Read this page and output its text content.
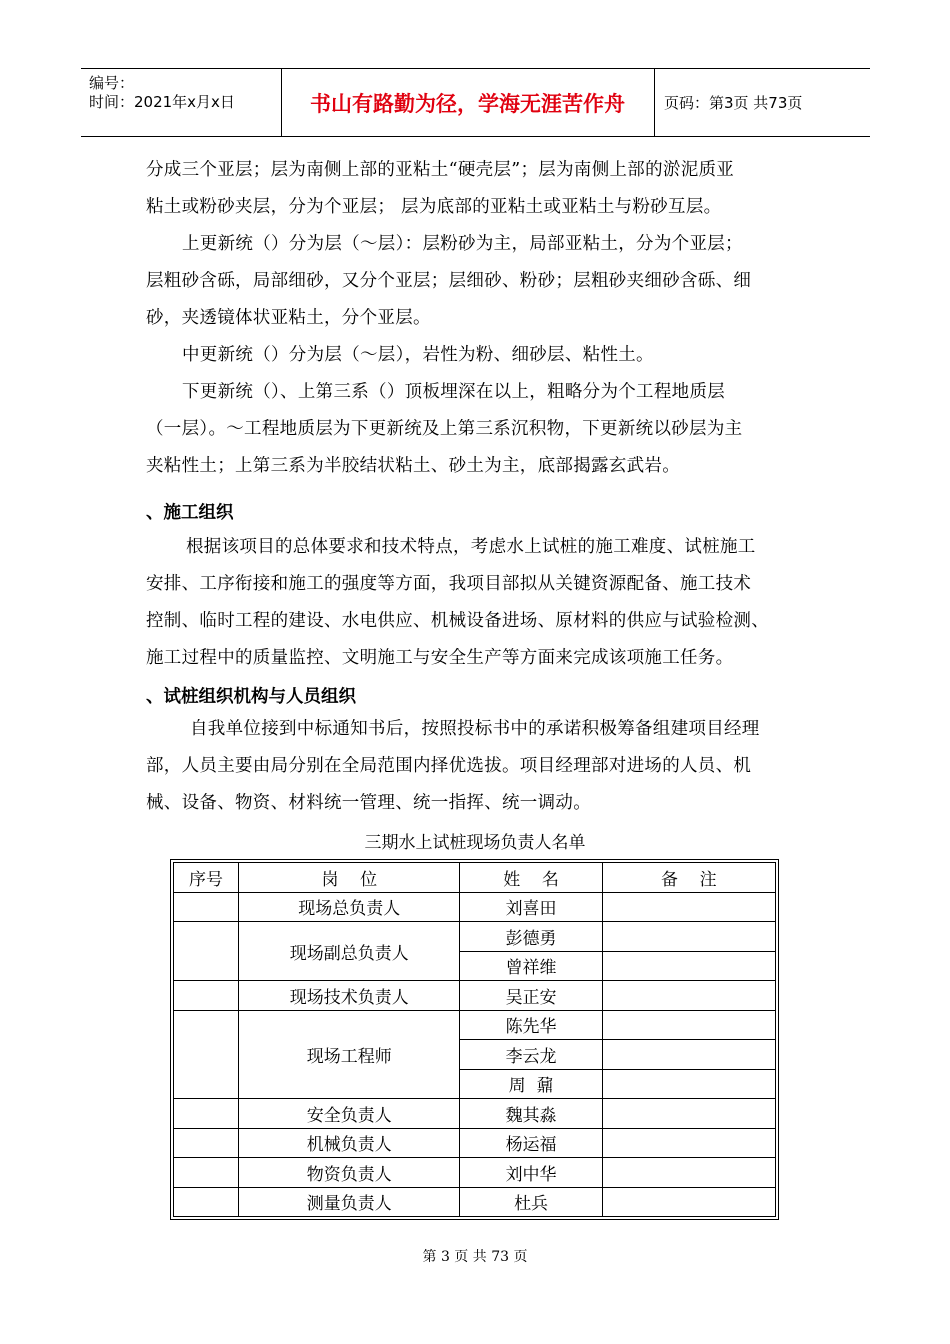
编号：
时间：2021年x月x日	书山有路勤为径，学海无涯苦作舟	页码：第3页 共73页
分成三个亚层；层为南侧上部的亚粘土“硬壳层”；层为南侧上部的淤泥质亚
粘土或粉砂夹层，分为个亚层； 层为底部的亚粘土或亚粘土与粉砂互层。
上更新统（）分为层（～层）：层粉砂为主，局部亚粘土，分为个亚层；
层粗砂含砾，局部细砂，又分个亚层；层细砂、粉砂；层粗砂夹细砂含砾、细
砂，夹透镜体状亚粘土，分个亚层。
中更新统（）分为层（～层），岩性为粉、细砂层、粘性土。
下更新统（）、上第三系（）顶板埋深在以上，粗略分为个工程地质层
（一层）。～工程地质层为下更新统及上第三系沉积物，下更新统以砂层为主
夹粘性土；上第三系为半胶结状粘土、砂土为主，底部揭露玄武岩。
、施工组织
根据该项目的总体要求和技术特点，考虑水上试桩的施工难度、试桩施工
安排、工序衔接和施工的强度等方面，我项目部拟从关键资源配备、施工技术
控制、临时工程的建设、水电供应、机械设备进场、原材料的供应与试验检测、
施工过程中的质量监控、文明施工与安全生产等方面来完成该项施工任务。
、试桩组织机构与人员组织
自我单位接到中标通知书后，按照投标书中的承诺积极筹备组建项目经理
部，人员主要由局分别在全局范围内择优选拔。项目经理部对进场的人员、机
械、设备、物资、材料统一管理、统一指挥、统一调动。
三期水上试桩现场负责人名单
序号	岗    位	姓    名	备    注
	现场总负责人	刘喜田	
	现场副总负责人	彭德勇	
		曾祥维	
	现场技术负责人	吴正安	
	现场工程师	陈先华	
		李云龙	
		周  鼐	
	安全负责人	魏其淼	
	机械负责人	杨运福	
	物资负责人	刘中华	
	测量负责人	杜兵	
第 3 页 共 73 页
